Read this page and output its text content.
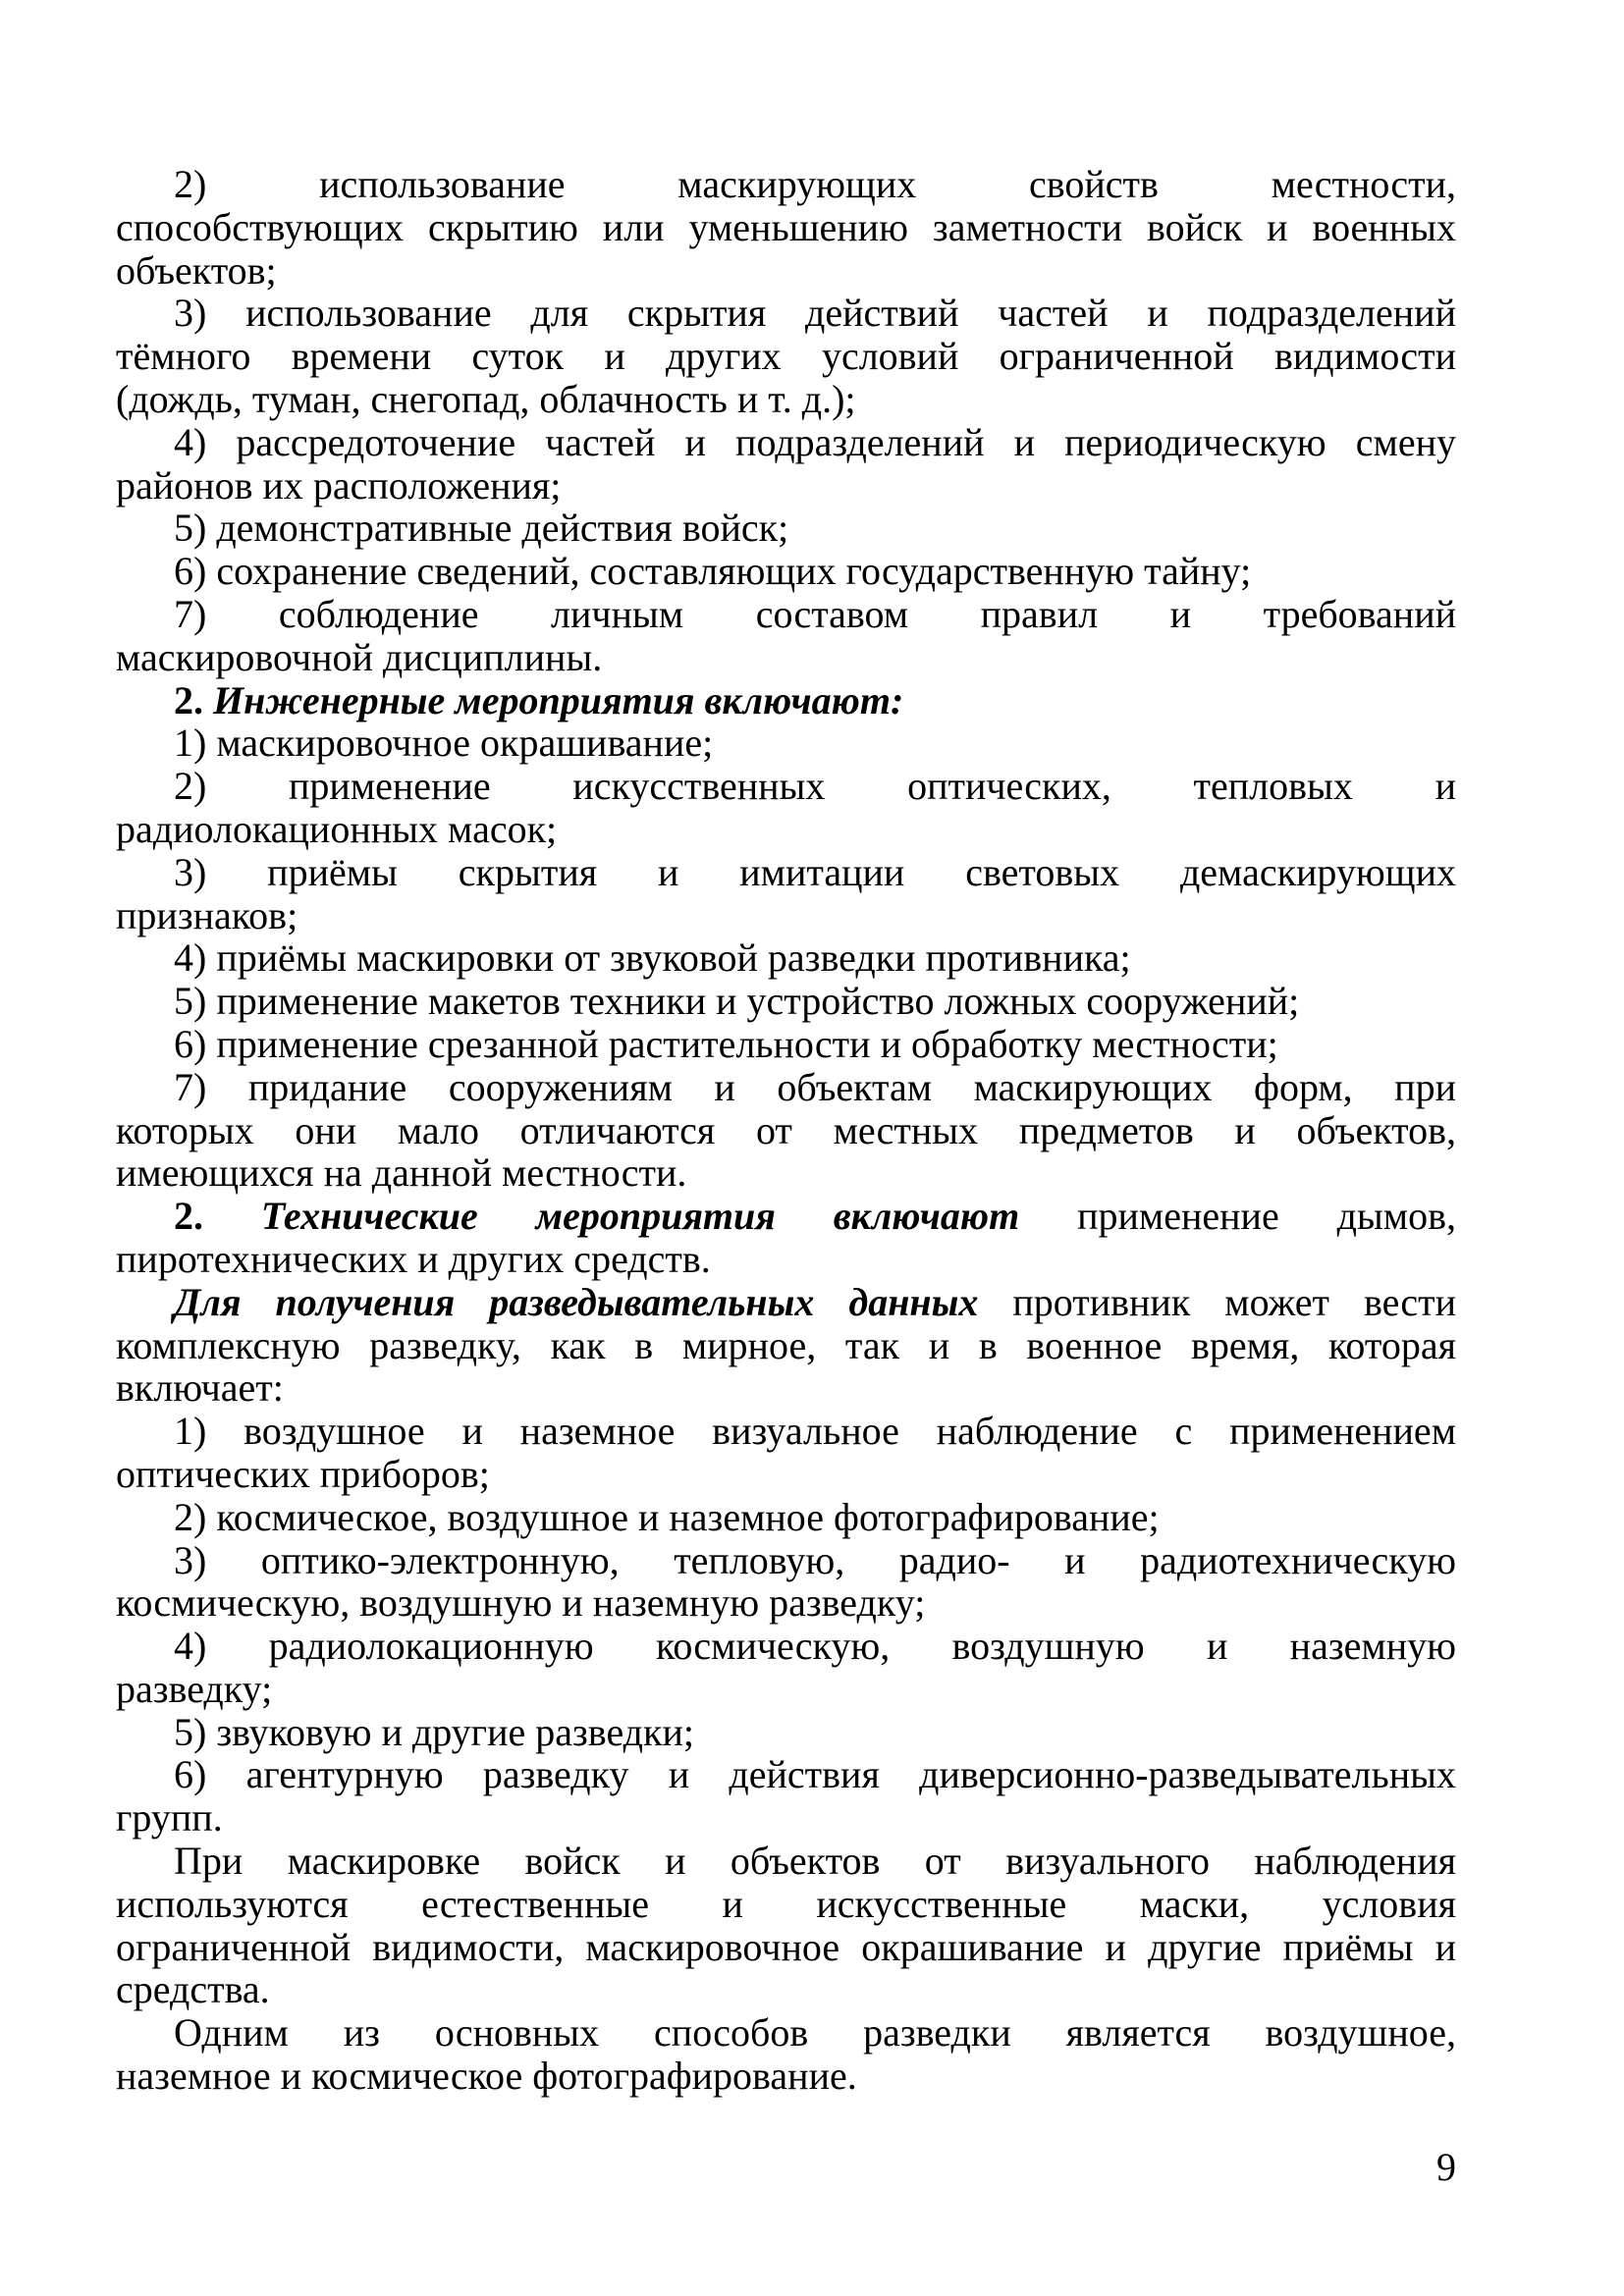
2) использование маскирующих свойств местности,
способствующих скрытию или уменьшению заметности войск и военных
объектов;
3) использование для скрытия действий частей и подразделений
тёмного времени суток и других условий ограниченной видимости
(дождь, туман, снегопад, облачность и т. д.);
4) рассредоточение частей и подразделений и периодическую смену
районов их расположения;
5) демонстративные действия войск;
6) сохранение сведений, составляющих государственную тайну;
7) соблюдение личным составом правил и требований
маскировочной дисциплины.
2. Инженерные мероприятия включают:
1) маскировочное окрашивание;
2) применение искусственных оптических, тепловых и
радиолокационных масок;
3) приёмы скрытия и имитации световых демаскирующих
признаков;
4) приёмы маскировки от звуковой разведки противника;
5) применение макетов техники и устройство ложных сооружений;
6) применение срезанной растительности и обработку местности;
7) придание сооружениям и объектам маскирующих форм, при
которых они мало отличаются от местных предметов и объектов,
имеющихся на данной местности.
2. Технические мероприятия включают применение дымов,
пиротехнических и других средств.
Для получения разведывательных данных противник может вести
комплексную разведку, как в мирное, так и в военное время, которая
включает:
1) воздушное и наземное визуальное наблюдение с применением
оптических приборов;
2) космическое, воздушное и наземное фотографирование;
3) оптико-электронную, тепловую, радио- и радиотехническую
космическую, воздушную и наземную разведку;
4) радиолокационную космическую, воздушную и наземную
разведку;
5) звуковую и другие разведки;
6) агентурную разведку и действия диверсионно-разведывательных
групп.
При маскировке войск и объектов от визуального наблюдения
используются естественные и искусственные маски, условия
ограниченной видимости, маскировочное окрашивание и другие приёмы и
средства.
Одним из основных способов разведки является воздушное,
наземное и космическое фотографирование.
9
